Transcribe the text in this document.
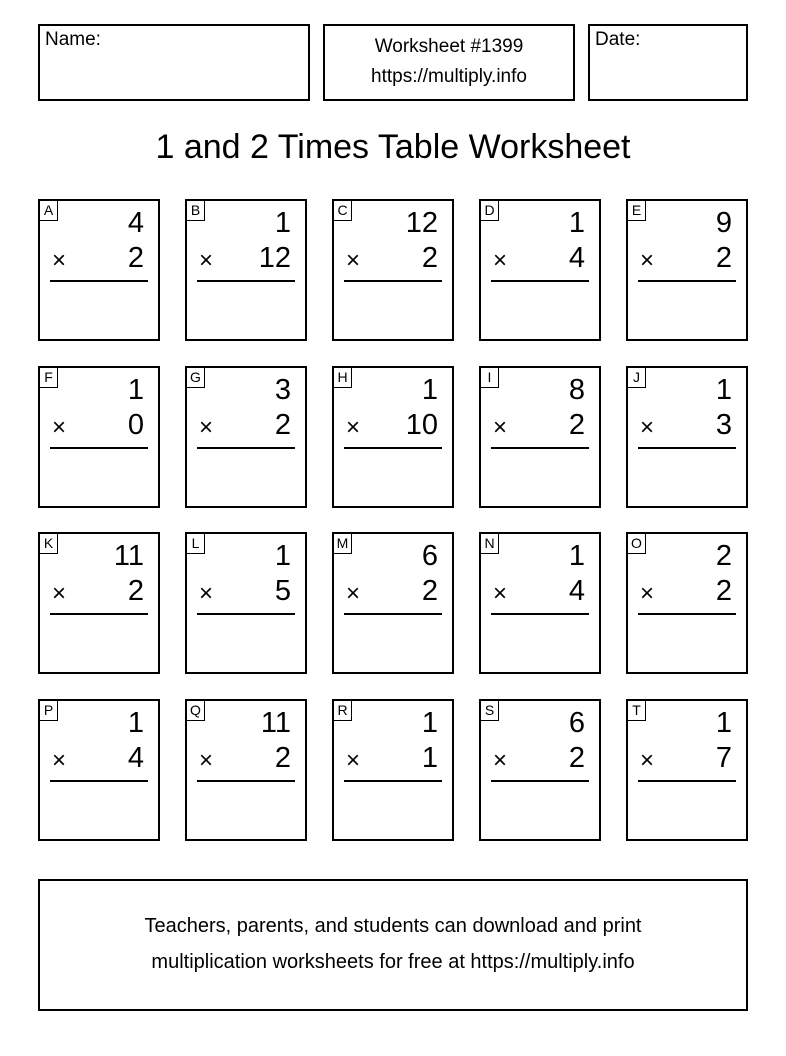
Name:	Worksheet #1399
https://multiply.info
Date:
1 and 2 Times Table Worksheet
A	4
× 2
B	1
× 12
C 12
× 2
D	1
× 4
E	9
× 2
F	1
× 0
G	3
× 2
H	1
× 10
I	8
× 2
J	1
× 3
K 11
× 2
L	1
× 5
M	6
× 2
N	1
× 4
O	2
× 2
P	1
× 4
Q 11
× 2
R	1
× 1
S	6
× 2
T	1
× 7
Teachers, parents, and students can download and print
multiplication worksheets for free at https://multiply.info
